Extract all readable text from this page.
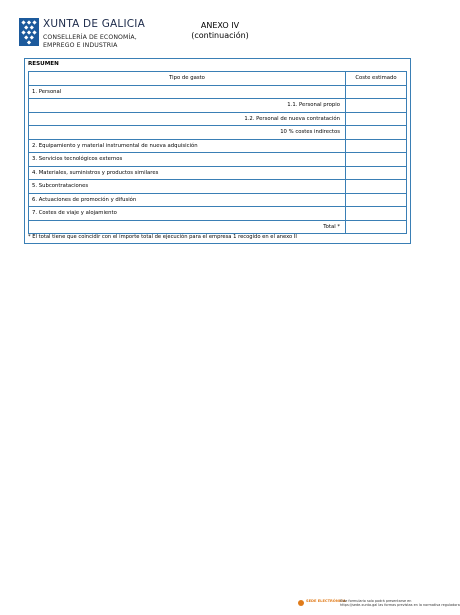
XUNTA DE GALICIA
CONSELLERÍA DE ECONOMÍA,
EMPREGO E INDUSTRIA
ANEXO IV
(continuación)
RESUMEN
Tipo de gasto	Coste estimado
1. Personal	
1.1. Personal propio	
1.2. Personal de nueva contratación	
10 % costes indirectos	
2. Equipamiento y material instrumental de nueva adquisición	
3. Servicios tecnológicos externos	
4. Materiales, suministros y productos similares	
5. Subcontrataciones	
6. Actuaciones de promoción y difusión	
7. Costes de viaje y alojamiento	
Total *	
* El total tiene que coincidir con el importe total de ejecución para el empresa 1 recogido en el anexo II
SEDE ELECTRÓNICA
Este formulario solo podrá presentarse en
https://sede.xunta.gal las formas previstas en la normativa reguladora
